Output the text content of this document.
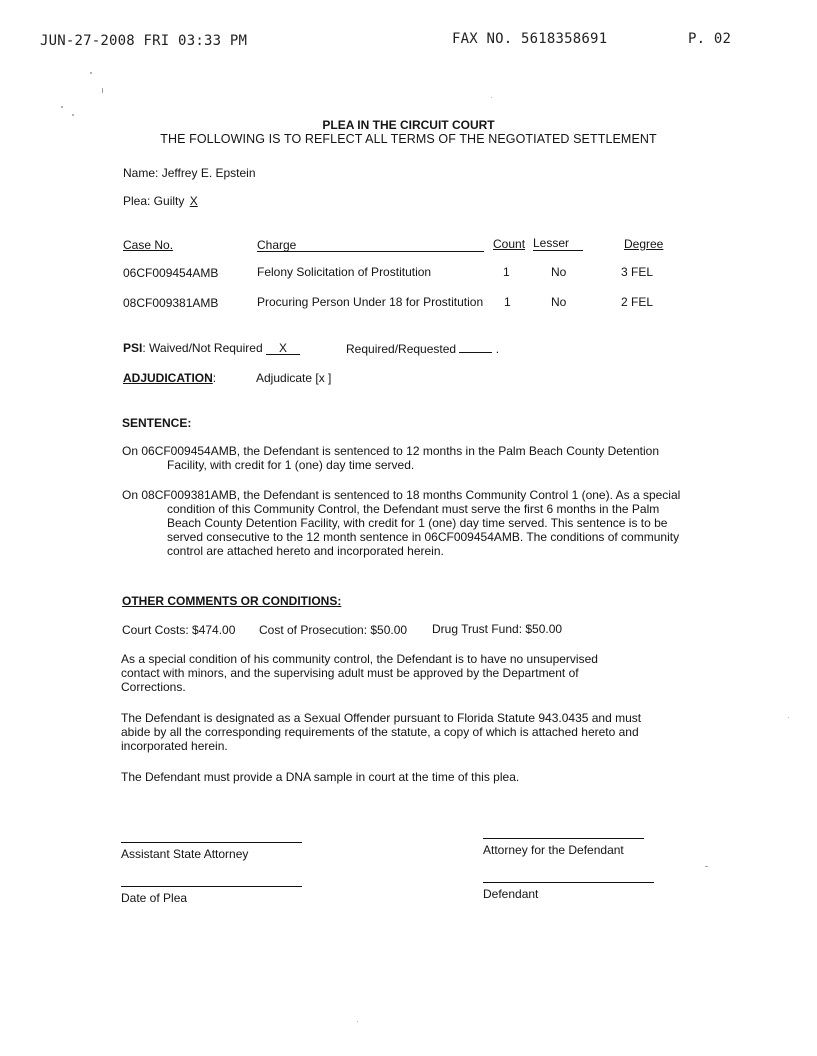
JUN-27-2008 FRI 03:33 PM	FAX NO. 5618358691	P. 02
PLEA IN THE CIRCUIT COURT
THE FOLLOWING IS TO REFLECT ALL TERMS OF THE NEGOTIATED SETTLEMENT
Name: Jeffrey E. Epstein
Plea: Guilty X
Case No.	Charge	Count Lesser	Degree
06CF009454AMB	Felony Solicitation of Prostitution	1	No	3 FEL
08CF009381AMB	Procuring Person Under 18 for Prostitution 1	No	2 FEL
PSI: Waived/Not Required X	Required/Requested	.
ADJUDICATION:	Adjudicate [x ]
SENTENCE:
On 06CF009454AMB, the Defendant is sentenced to 12 months in the Palm Beach County Detention Facility, with credit for 1 (one) day time served.
On 08CF009381AMB, the Defendant is sentenced to 18 months Community Control 1 (one). As a special condition of this Community Control, the Defendant must serve the first 6 months in the Palm Beach County Detention Facility, with credit for 1 (one) day time served. This sentence is to be served consecutive to the 12 month sentence in 06CF009454AMB. The conditions of community control are attached hereto and incorporated herein.
OTHER COMMENTS OR CONDITIONS:
Court Costs: $474.00 Cost of Prosecution: $50.00 Drug Trust Fund: $50.00
As a special condition of his community control, the Defendant is to have no unsupervised contact with minors, and the supervising adult must be approved by the Department of Corrections.
The Defendant is designated as a Sexual Offender pursuant to Florida Statute 943.0435 and must abide by all the corresponding requirements of the statute, a copy of which is attached hereto and incorporated herein.
The Defendant must provide a DNA sample in court at the time of this plea.
Assistant State Attorney	Attorney for the Defendant
Date of Plea	Defendant
